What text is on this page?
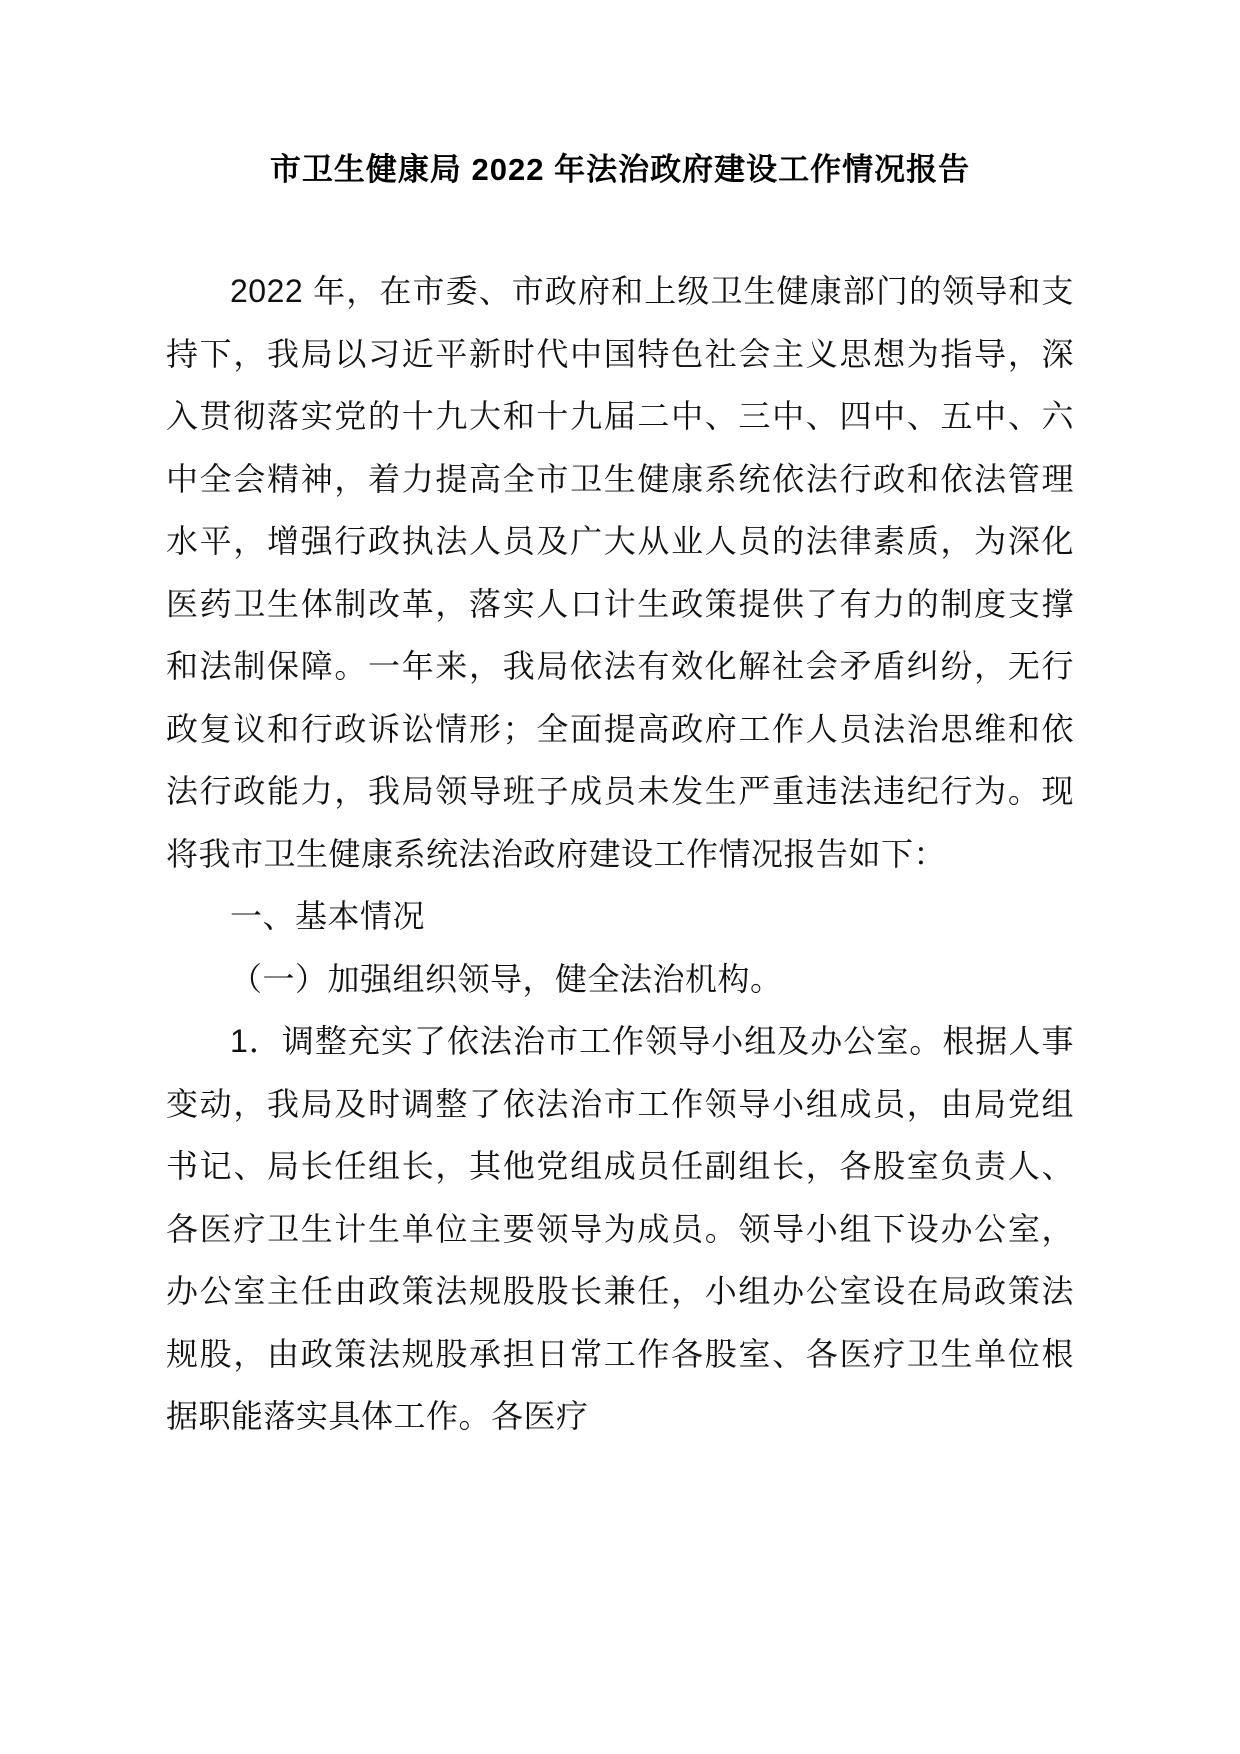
市卫生健康局 2022 年法治政府建设工作情况报告

2022 年，在市委、市政府和上级卫生健康部门的领导和支持下，我局以习近平新时代中国特色社会主义思想为指导，深入贯彻落实党的十九大和十九届二中、三中、四中、五中、六中全会精神，着力提高全市卫生健康系统依法行政和依法管理水平，增强行政执法人员及广大从业人员的法律素质，为深化医药卫生体制改革，落实人口计生政策提供了有力的制度支撑和法制保障。一年来，我局依法有效化解社会矛盾纠纷，无行政复议和行政诉讼情形；全面提高政府工作人员法治思维和依法行政能力，我局领导班子成员未发生严重违法违纪行为。现将我市卫生健康系统法治政府建设工作情况报告如下：

一、基本情况

（一）加强组织领导，健全法治机构。

1．调整充实了依法治市工作领导小组及办公室。根据人事变动，我局及时调整了依法治市工作领导小组成员，由局党组书记、局长任组长，其他党组成员任副组长，各股室负责人、各医疗卫生计生单位主要领导为成员。领导小组下设办公室，办公室主任由政策法规股股长兼任，小组办公室设在局政策法规股，由政策法规股承担日常工作各股室、各医疗卫生单位根据职能落实具体工作。各医疗
